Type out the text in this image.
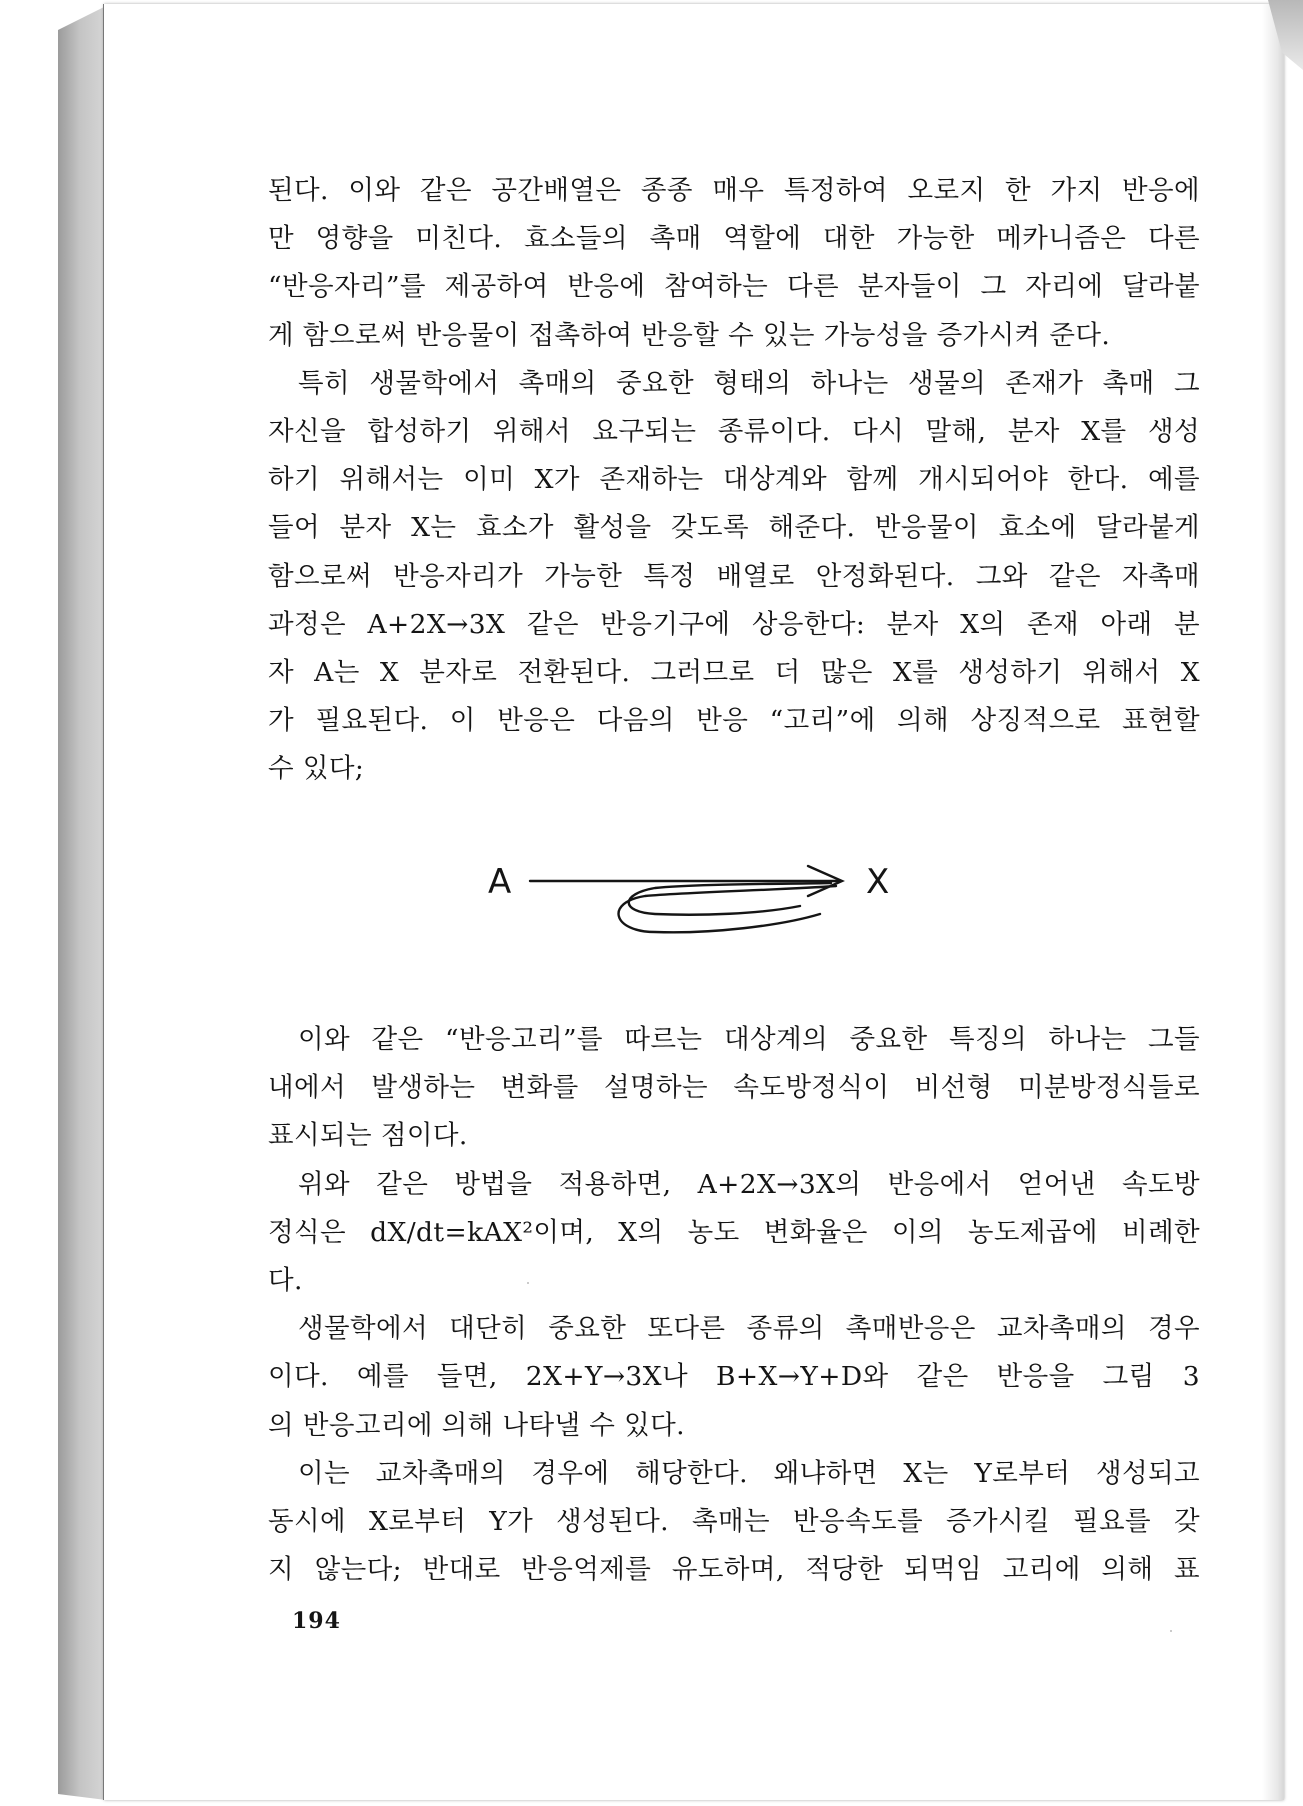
된다. 이와 같은 공간배열은 종종 매우 특정하여 오로지 한 가지 반응에
만 영향을 미친다. 효소들의 촉매 역할에 대한 가능한 메카니즘은 다른
“반응자리”를 제공하여 반응에 참여하는 다른 분자들이 그 자리에 달라붙
게 함으로써 반응물이 접촉하여 반응할 수 있는 가능성을 증가시켜 준다.
특히 생물학에서 촉매의 중요한 형태의 하나는 생물의 존재가 촉매 그
자신을 합성하기 위해서 요구되는 종류이다. 다시 말해, 분자 X를 생성
하기 위해서는 이미 X가 존재하는 대상계와 함께 개시되어야 한다. 예를
들어 분자 X는 효소가 활성을 갖도록 해준다. 반응물이 효소에 달라붙게
함으로써 반응자리가 가능한 특정 배열로 안정화된다. 그와 같은 자촉매
과정은 A+2X→3X 같은 반응기구에 상응한다: 분자 X의 존재 아래 분
자 A는 X 분자로 전환된다. 그러므로 더 많은 X를 생성하기 위해서 X
가 필요된다. 이 반응은 다음의 반응 “고리”에 의해 상징적으로 표현할
수 있다;
A	X
이와 같은 “반응고리”를 따르는 대상계의 중요한 특징의 하나는 그들
내에서 발생하는 변화를 설명하는 속도방정식이 비선형 미분방정식들로
표시되는 점이다.
위와 같은 방법을 적용하면, A+2X→3X의 반응에서 얻어낸 속도방
정식은 dX/dt=kAX²이며, X의 농도 변화율은 이의 농도제곱에 비례한
다.
생물학에서 대단히 중요한 또다른 종류의 촉매반응은 교차촉매의 경우
이다. 예를 들면, 2X+Y→3X나 B+X→Y+D와 같은 반응을 그림 3
의 반응고리에 의해 나타낼 수 있다.
이는 교차촉매의 경우에 해당한다. 왜냐하면 X는 Y로부터 생성되고
동시에 X로부터 Y가 생성된다. 촉매는 반응속도를 증가시킬 필요를 갖
지 않는다; 반대로 반응억제를 유도하며, 적당한 되먹임 고리에 의해 표
194
